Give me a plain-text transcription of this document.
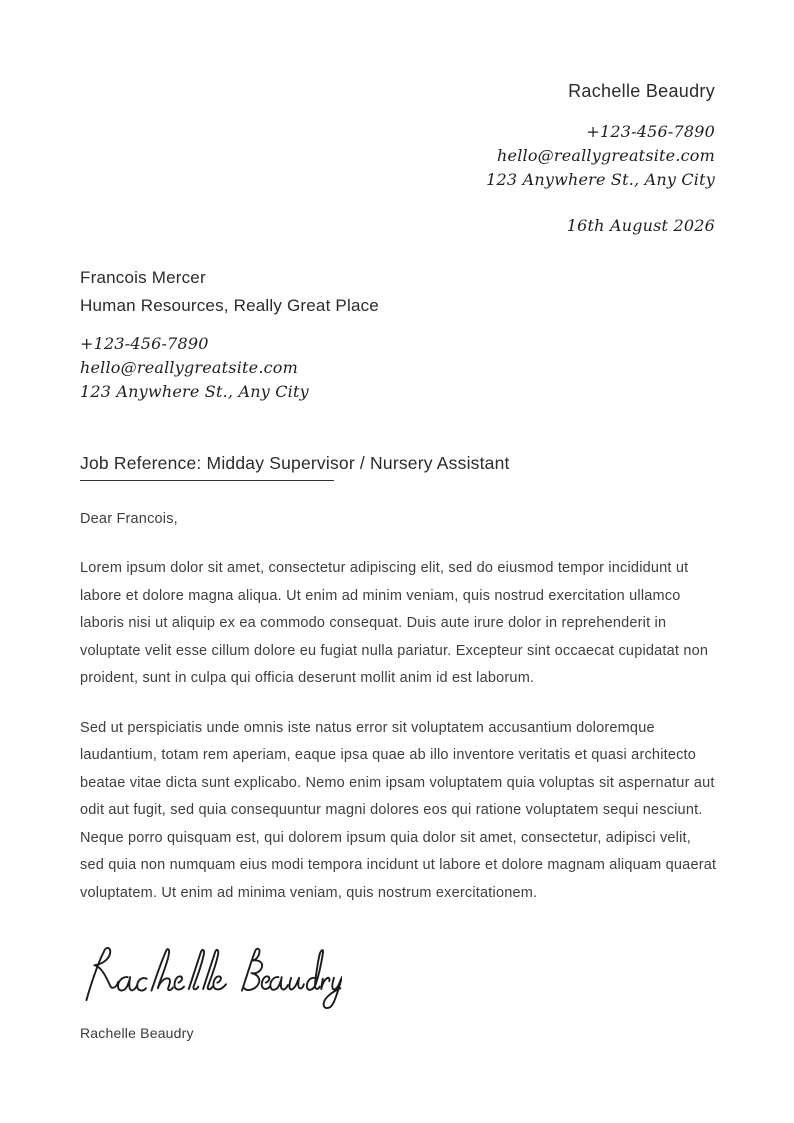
Rachelle Beaudry
+123-456-7890
hello@reallygreatsite.com
123 Anywhere St., Any City
16th August 2026
Francois Mercer
Human Resources, Really Great Place
+123-456-7890
hello@reallygreatsite.com
123 Anywhere St., Any City
Job Reference: Midday Supervisor / Nursery Assistant

Dear Francois,

Lorem ipsum dolor sit amet, consectetur adipiscing elit, sed do eiusmod tempor incididunt ut labore et dolore magna aliqua. Ut enim ad minim veniam, quis nostrud exercitation ullamco laboris nisi ut aliquip ex ea commodo consequat. Duis aute irure dolor in reprehenderit in voluptate velit esse cillum dolore eu fugiat nulla pariatur. Excepteur sint occaecat cupidatat non proident, sunt in culpa qui officia deserunt mollit anim id est laborum.

Sed ut perspiciatis unde omnis iste natus error sit voluptatem accusantium doloremque laudantium, totam rem aperiam, eaque ipsa quae ab illo inventore veritatis et quasi architecto beatae vitae dicta sunt explicabo. Nemo enim ipsam voluptatem quia voluptas sit aspernatur aut odit aut fugit, sed quia consequuntur magni dolores eos qui ratione voluptatem sequi nesciunt. Neque porro quisquam est, qui dolorem ipsum quia dolor sit amet, consectetur, adipisci velit, sed quia non numquam eius modi tempora incidunt ut labore et dolore magnam aliquam quaerat voluptatem. Ut enim ad minima veniam, quis nostrum exercitationem.

Rachelle Beaudry
